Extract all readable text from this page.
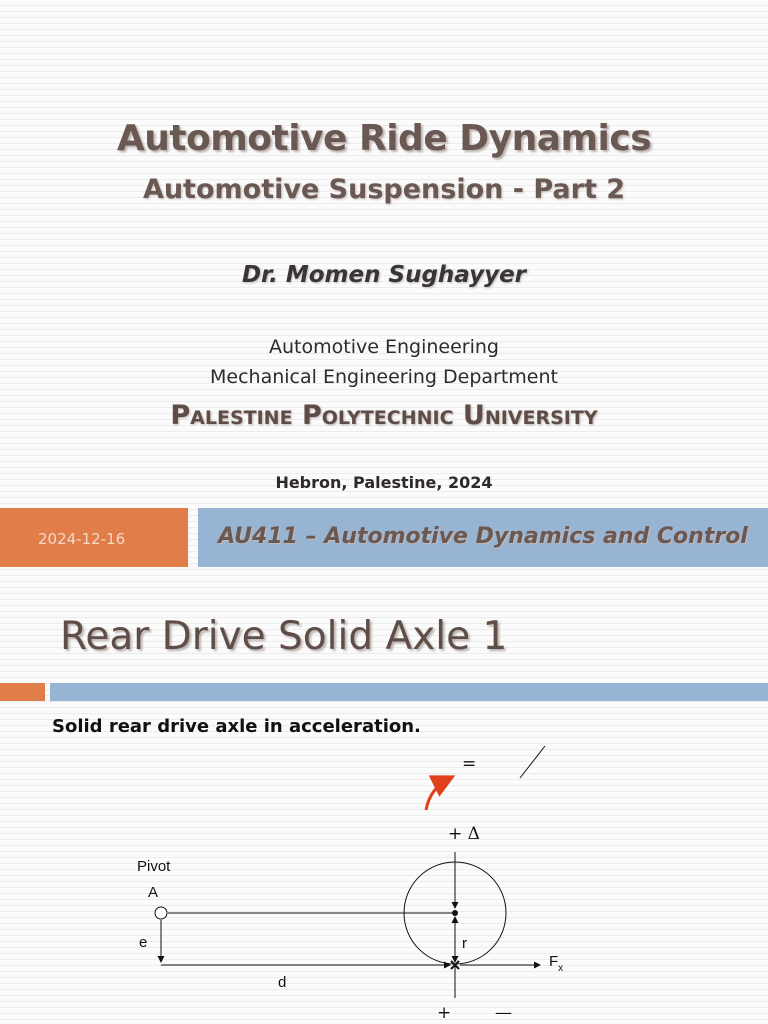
Automotive Ride Dynamics
Automotive Suspension - Part 2
Dr. Momen Sughayyer
Automotive Engineering
Mechanical Engineering Department
Palestine Polytechnic University
Hebron, Palestine, 2024
2024-12-16	AU411 – Automotive Dynamics and Control
Rear Drive Solid Axle 1
Solid rear drive axle in acceleration.
=
+ Δ
Pivot
A
e	r
d
$F_x$
+	—
